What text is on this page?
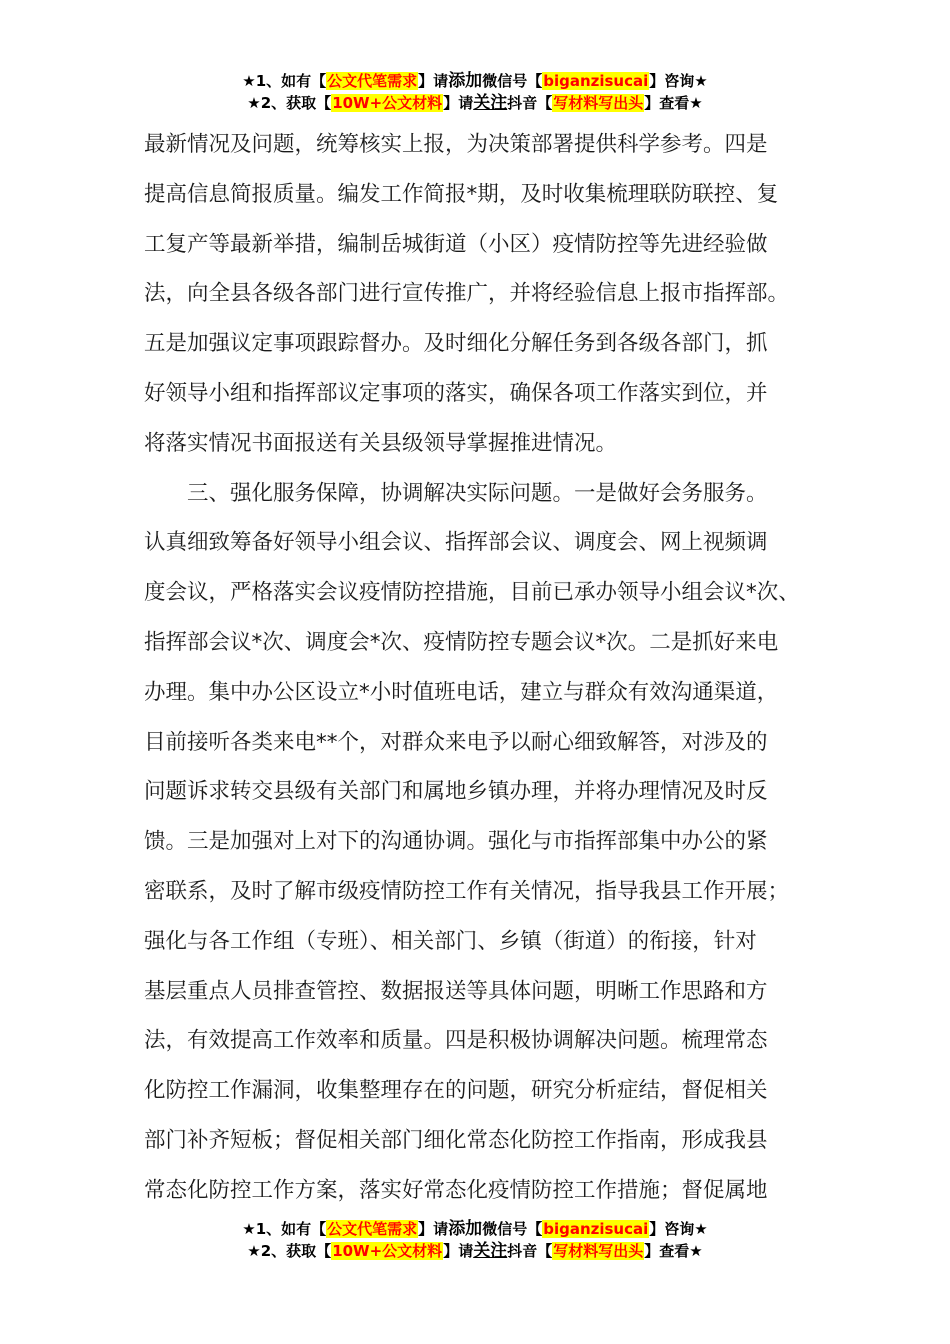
★1、如有【公文代笔需求】请添加微信号【biganzisucai】咨询★
★2、获取【10W+公文材料】请关注抖音【写材料写出头】查看★
最新情况及问题，统筹核实上报，为决策部署提供科学参考。四是
提高信息简报质量。编发工作简报*期，及时收集梳理联防联控、复
工复产等最新举措，编制岳城街道（小区）疫情防控等先进经验做
法，向全县各级各部门进行宣传推广，并将经验信息上报市指挥部。
五是加强议定事项跟踪督办。及时细化分解任务到各级各部门，抓
好领导小组和指挥部议定事项的落实，确保各项工作落实到位，并
将落实情况书面报送有关县级领导掌握推进情况。
　　三、强化服务保障，协调解决实际问题。一是做好会务服务。
认真细致筹备好领导小组会议、指挥部会议、调度会、网上视频调
度会议，严格落实会议疫情防控措施，目前已承办领导小组会议*次、
指挥部会议*次、调度会*次、疫情防控专题会议*次。二是抓好来电
办理。集中办公区设立*小时值班电话，建立与群众有效沟通渠道，
目前接听各类来电**个，对群众来电予以耐心细致解答，对涉及的
问题诉求转交县级有关部门和属地乡镇办理，并将办理情况及时反
馈。三是加强对上对下的沟通协调。强化与市指挥部集中办公的紧
密联系，及时了解市级疫情防控工作有关情况，指导我县工作开展；
强化与各工作组（专班）、相关部门、乡镇（街道）的衔接，针对
基层重点人员排查管控、数据报送等具体问题，明晰工作思路和方
法，有效提高工作效率和质量。四是积极协调解决问题。梳理常态
化防控工作漏洞，收集整理存在的问题，研究分析症结，督促相关
部门补齐短板；督促相关部门细化常态化防控工作指南，形成我县
常态化防控工作方案，落实好常态化疫情防控工作措施；督促属地
★1、如有【公文代笔需求】请添加微信号【biganzisucai】咨询★
★2、获取【10W+公文材料】请关注抖音【写材料写出头】查看★
